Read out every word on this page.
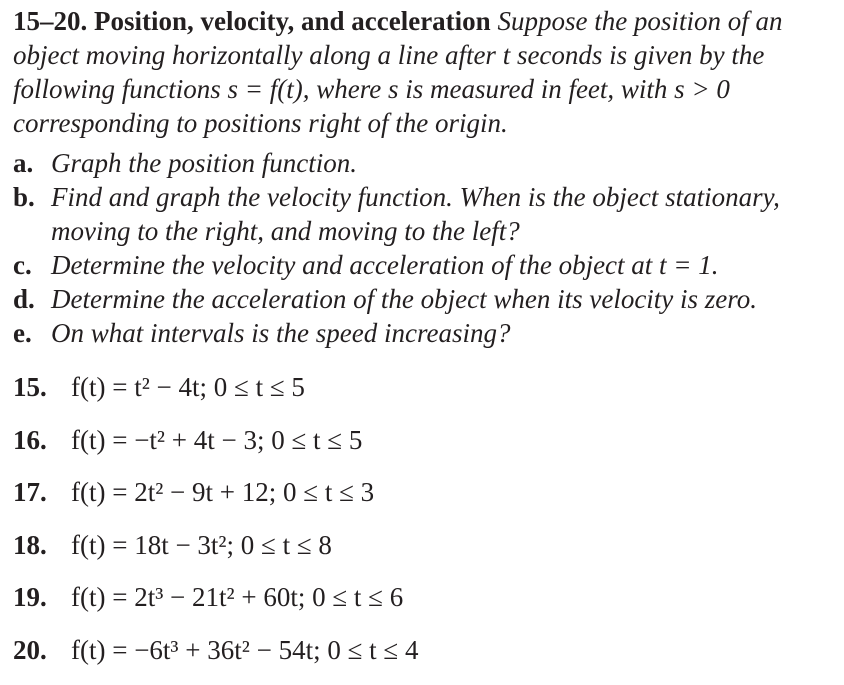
15–20. Position, velocity, and acceleration Suppose the position of an object moving horizontally along a line after t seconds is given by the following functions s = f(t), where s is measured in feet, with s > 0 corresponding to positions right of the origin.

a. Graph the position function.
b. Find and graph the velocity function. When is the object stationary, moving to the right, and moving to the left?
c. Determine the velocity and acceleration of the object at t = 1.
d. Determine the acceleration of the object when its velocity is zero.
e. On what intervals is the speed increasing?
15. f(t) = t² − 4t; 0 ≤ t ≤ 5
16. f(t) = −t² + 4t − 3; 0 ≤ t ≤ 5
17. f(t) = 2t² − 9t + 12; 0 ≤ t ≤ 3
18. f(t) = 18t − 3t²; 0 ≤ t ≤ 8
19. f(t) = 2t³ − 21t² + 60t; 0 ≤ t ≤ 6
20. f(t) = −6t³ + 36t² − 54t; 0 ≤ t ≤ 4
